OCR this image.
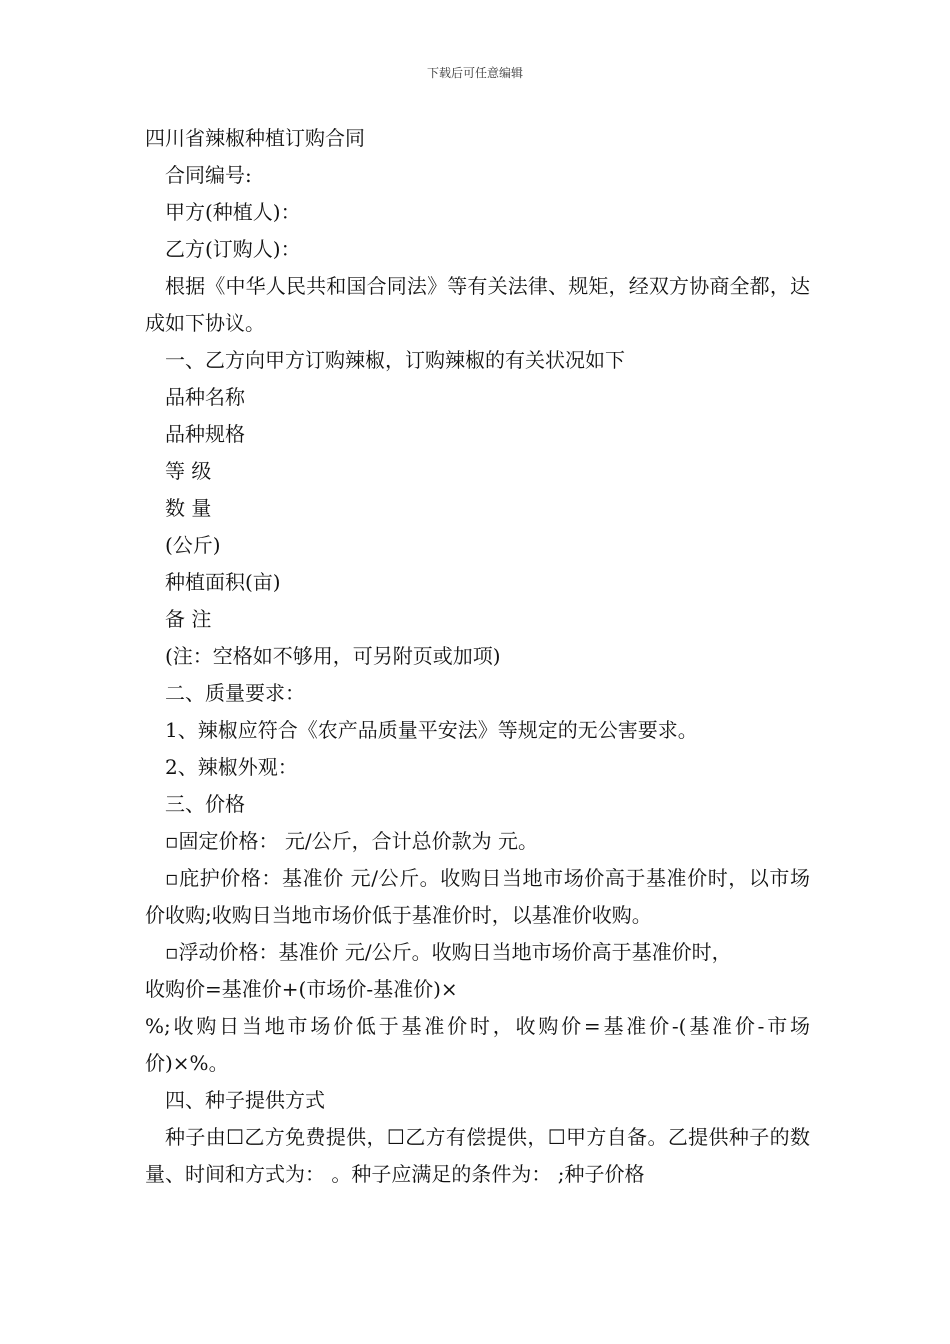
下载后可任意编辑
四川省辣椒种植订购合同

合同编号:

甲方(种植人)：

乙方(订购人)：

根据《中华人民共和国合同法》等有关法律、规矩，经双方协商全都，达成如下协议。

一、乙方向甲方订购辣椒，订购辣椒的有关状况如下

品种名称

品种规格

等 级

数 量

(公斤)

种植面积(亩)

备 注

(注：空格如不够用，可另附页或加项)

二、质量要求：

1、辣椒应符合《农产品质量平安法》等规定的无公害要求。

2、辣椒外观：

三、价格

▫固定价格： 元/公斤，合计总价款为 元。

▫庇护价格：基准价 元/公斤。收购日当地市场价高于基准价时，以市场价收购;收购日当地市场价低于基准价时，以基准价收购。

▫浮动价格：基准价 元/公斤。收购日当地市场价高于基准价时，

收购价=基准价+(市场价-基准价)×

%;收购日当地市场价低于基准价时，收购价=基准价-(基准价-市场价)×%。

四、种子提供方式

种子由☐乙方免费提供，☐乙方有偿提供，☐甲方自备。乙提供种子的数量、时间和方式为： 。种子应满足的条件为： ;种子价格
